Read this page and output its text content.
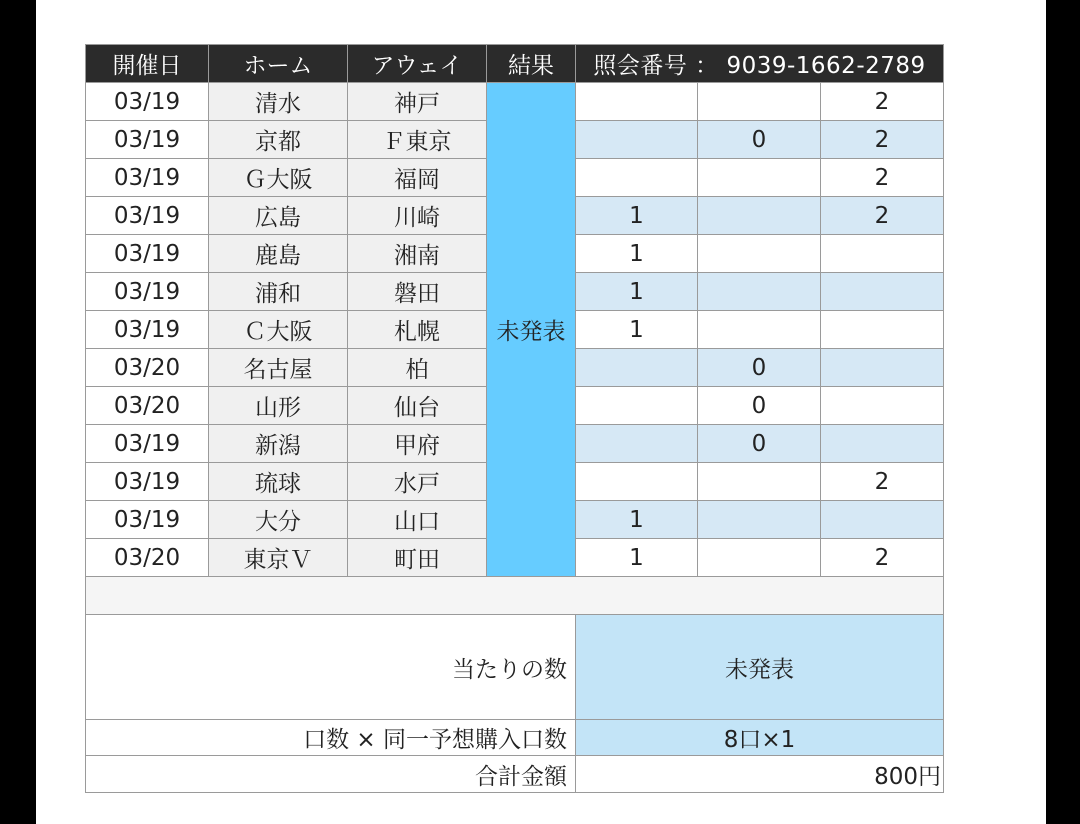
開催日	ホーム	アウェイ	結果	照会番号 ： 9039-1662-2789		
03/19	清水	神戸	未発表			2
03/19	京都	Ｆ東京			0	2
03/19	Ｇ大阪	福岡				2
03/19	広島	川崎		1		2
03/19	鹿島	湘南		1		
03/19	浦和	磐田		1		
03/19	Ｃ大阪	札幌		1		
03/20	名古屋	柏			0	
03/20	山形	仙台			0	
03/19	新潟	甲府			0	
03/19	琉球	水戸				2
03/19	大分	山口		1		
03/20	東京Ｖ	町田		1		2

当たりの数				未発表		
口数 × 同一予想購入口数				8口×1		
合計金額				800円		
